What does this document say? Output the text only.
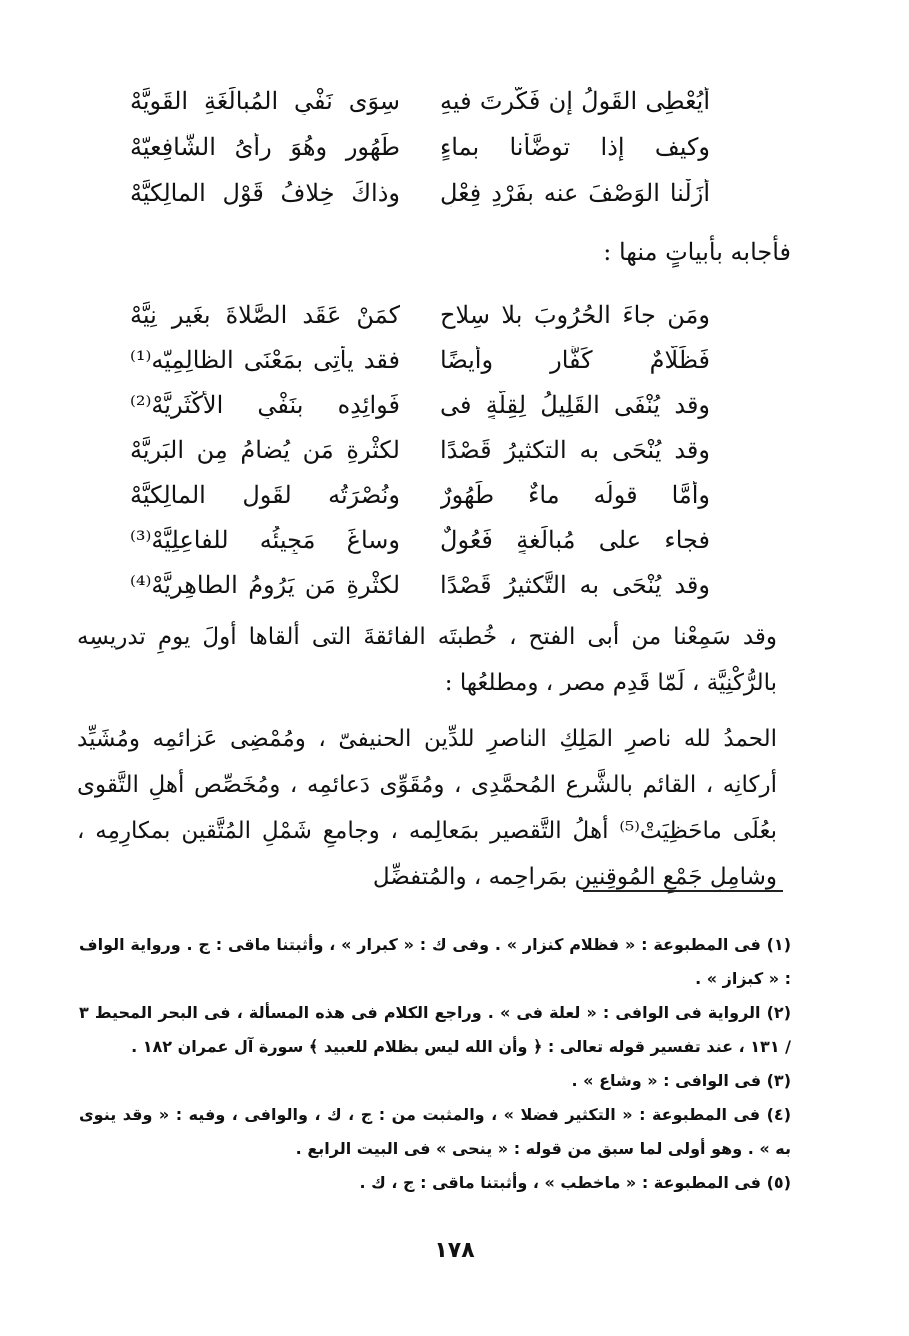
أَيُعْطِى القَولُ إن فَكَّرتَ فيهِ
سِوَى نَفْىِ المُبالَغَةِ القَوِيَّهْ
وكيف إذا توضَّأْنا بماءٍ
طَهُورٍ وهُوَ رأْىُ الشَّافِعيّهْ
أَزَلْنا الوَصْفَ عنه بفَرْدِ فِعْلٍ
وذاكَ خِلافُ قَوْلِ المالِكيَّهْ
فأجابه بأبياتٍ منها :
ومَن جاءَ الحُرُوبَ بلا سِلاحٍ
كمَنْ عَقَد الصَّلاةَ بغَيرِ نِيَّهْ
فَظَلّامٌ كَفَّارٍ وأيضًا
فقد يأتِى بمَعْنَى الظالِمِيّه⁽¹⁾
وقد يُنْفَى القَلِيلُ لِقِلَّةٍ فى
فَوائِدِه بنَفْىِ الأَكْثَرِيَّهْ⁽²⁾
وقد يُنْحَى به التكثيرُ قَصْدًا
لكثْرةِ مَن يُضامُ مِن البَرِيَّهْ
وأمَّا قولُه ماءٌ طَهُورٌ
ونُصْرَتُه لقَولِ المالِكيَّهْ
فجاء على مُبالَغةٍ فَعُولٌ
وساغَ مَجِيئُه للفاعِلِيَّهْ⁽³⁾
وقد يُنْحَى به التَّكثيرُ قَصْدًا
لكثْرةِ مَن يَرُومُ الطاهِرِيَّهْ⁽⁴⁾

وقد سَمِعْنا من أبى الفتح ، خُطبتَه الفائقةَ التى ألقاها أولَ يومِ تدريسِه بالرُّكْنِيَّة ، لَمّا قَدِم مصر ، ومطلعُها :

الحمدُ لله ناصرِ المَلِكِ الناصرِ للدِّين الحنيفىّ ، ومُمْضِى عَزائمِه ومُشَيِّد أركانِه ، القائم بالشَّرع المُحمَّدِى ، ومُقَوِّى دَعائمِه ، ومُخَصِّص أهلِ التَّقوى بعُلَى ماحَظِيَتْ⁽⁵⁾ أهلُ التَّقصير بمَعالِمه ، وجامعِ شَمْلِ المُتَّقين بمكارِمِه ، وشامِلِ جَمْعِ المُوقِنين بمَراحِمه ، والمُتفضِّل

(١) فى المطبوعة : « فظلام كنزار » . وفى ك : « كبرار » ، وأثبتنا ماقى : ج . ورواية الواف : « كبزاز » .
(٢) الرواية فى الوافى : « لعلة فى » . وراجع الكلام فى هذه المسألة ، فى البحر المحيط ٣ / ١٣١ ، عند تفسير قوله تعالى : ﴿ وأن الله ليس بظلام للعبيد ﴾ سورة آل عمران ١٨٢ .
(٣) فى الوافى : « وشاع » .
(٤) فى المطبوعة : « التكثير فضلا » ، والمثبت من : ج ، ك ، والوافى ، وفيه : « وقد ينوى به » . وهو أولى لما سبق من قوله : « ينحى » فى البيت الرابع .
(٥) فى المطبوعة : « ماخطب » ، وأثبتنا ماقى : ج ، ك .
١٧٨
